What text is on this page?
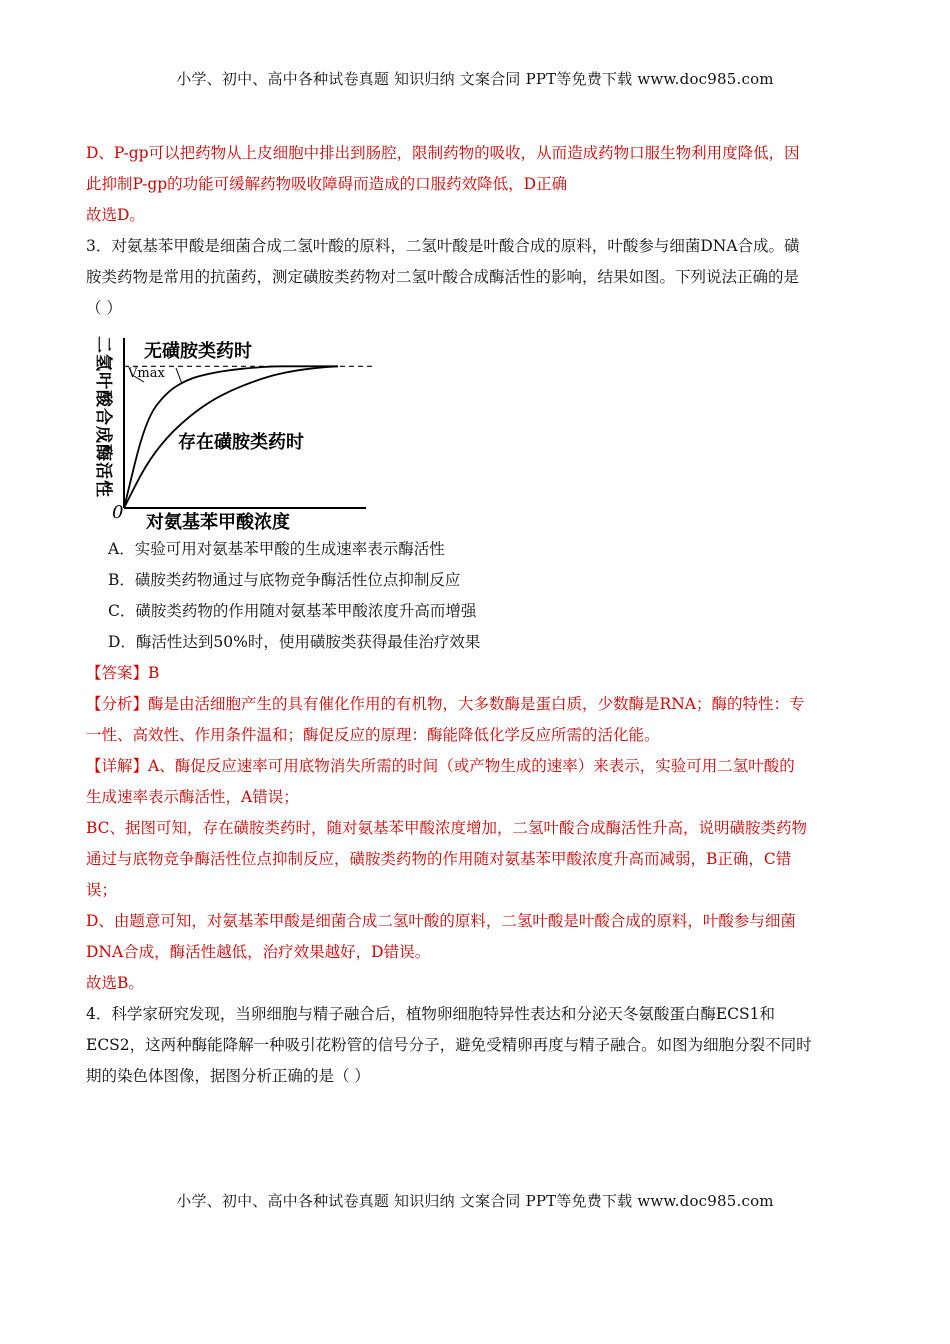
小学、初中、高中各种试卷真题 知识归纳 文案合同 PPT等免费下载 www.doc985.com

D、P-gp可以把药物从上皮细胞中排出到肠腔，限制药物的吸收，从而造成药物口服生物利用度降低，因

此抑制P-gp的功能可缓解药物吸收障碍而造成的口服药效降低，D正确

故选D。

3．对氨基苯甲酸是细菌合成二氢叶酸的原料，二氢叶酸是叶酸合成的原料，叶酸参与细菌DNA合成。磺

胺类药物是常用的抗菌药，测定磺胺类药物对二氢叶酸合成酶活性的影响，结果如图。下列说法正确的是

（ ）

Vmax
无磺胺类药时
存在磺胺类药时
0 对氨基苯甲酸浓度
二氢叶酸合成酶活性

A．实验可用对氨基苯甲酸的生成速率表示酶活性

B．磺胺类药物通过与底物竞争酶活性位点抑制反应

C．磺胺类药物的作用随对氨基苯甲酸浓度升高而增强

D．酶活性达到50%时，使用磺胺类获得最佳治疗效果

【答案】B

【分析】酶是由活细胞产生的具有催化作用的有机物，大多数酶是蛋白质，少数酶是RNA；酶的特性：专

一性、高效性、作用条件温和；酶促反应的原理：酶能降低化学反应所需的活化能。

【详解】A、酶促反应速率可用底物消失所需的时间（或产物生成的速率）来表示，实验可用二氢叶酸的

生成速率表示酶活性，A错误；

BC、据图可知，存在磺胺类药时，随对氨基苯甲酸浓度增加，二氢叶酸合成酶活性升高，说明磺胺类药物

通过与底物竞争酶活性位点抑制反应，磺胺类药物的作用随对氨基苯甲酸浓度升高而减弱，B正确，C错

误；

D、由题意可知，对氨基苯甲酸是细菌合成二氢叶酸的原料，二氢叶酸是叶酸合成的原料，叶酸参与细菌

DNA合成，酶活性越低，治疗效果越好，D错误。

故选B。

4．科学家研究发现，当卵细胞与精子融合后，植物卵细胞特异性表达和分泌天冬氨酸蛋白酶ECS1和

ECS2，这两种酶能降解一种吸引花粉管的信号分子，避免受精卵再度与精子融合。如图为细胞分裂不同时

期的染色体图像，据图分析正确的是（ ）

小学、初中、高中各种试卷真题 知识归纳 文案合同 PPT等免费下载 www.doc985.com
